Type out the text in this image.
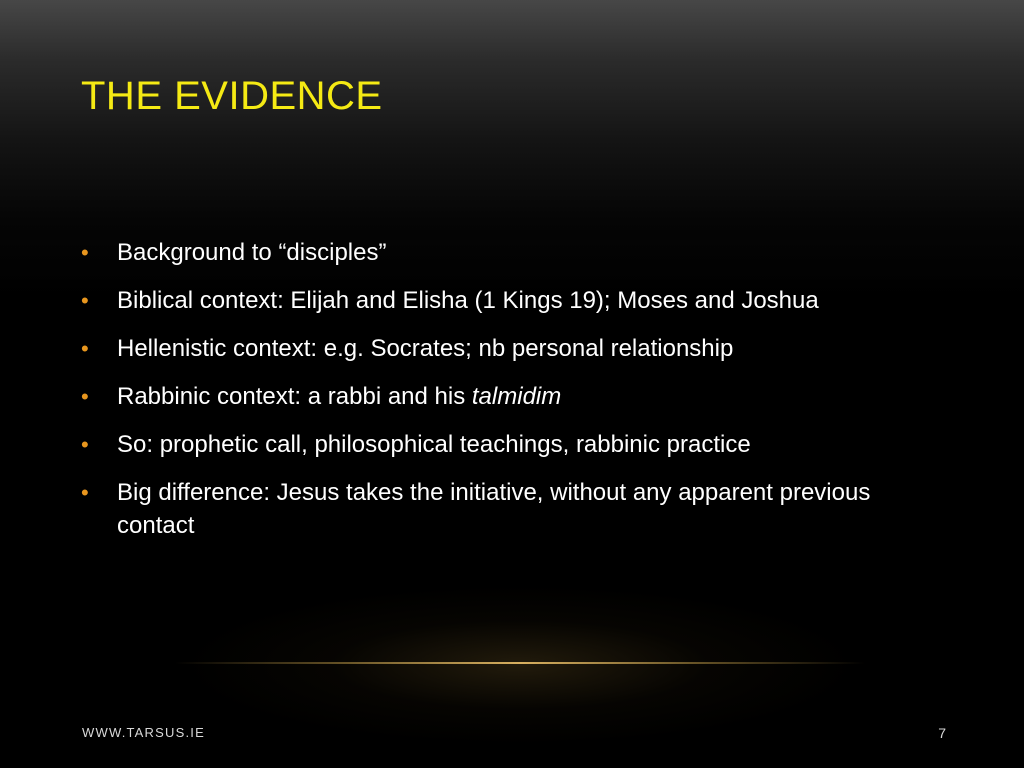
THE EVIDENCE
• Background to “disciples”
• Biblical context: Elijah and Elisha (1 Kings 19); Moses and Joshua
• Hellenistic context: e.g. Socrates; nb personal relationship
• Rabbinic context: a rabbi and his talmidim
• So: prophetic call, philosophical teachings, rabbinic practice
• Big difference: Jesus takes the initiative, without any apparent previous contact
WWW.TARSUS.IE	7
